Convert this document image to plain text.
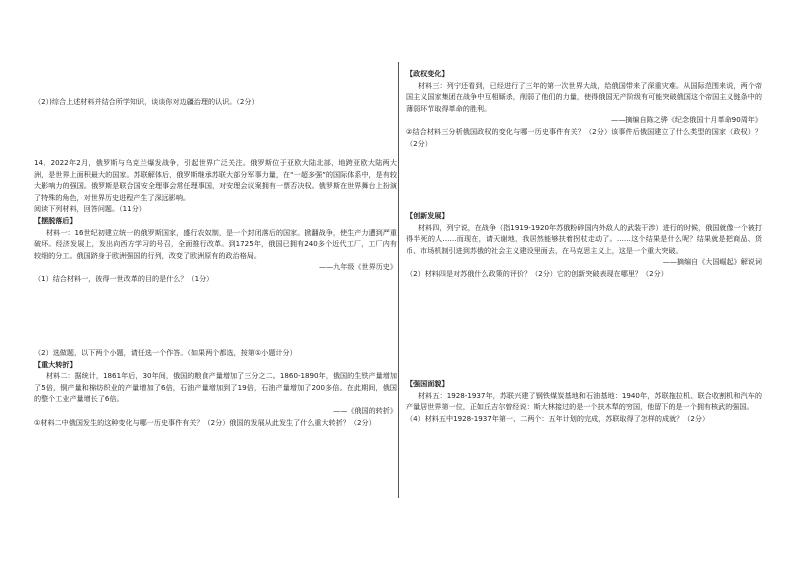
（2）)综合上述材料并结合所学知识，谈谈你对边疆治理的认识。（2分）

14．2022年2月，俄罗斯与乌克兰爆发战争，引起世界广泛关注。俄罗斯位于亚欧大陆北部，地跨亚欧大陆两大洲，是世界上面积最大的国家。苏联解体后，俄罗斯继承苏联大部分军事力量，在“一超多强”的国际体系中，是有较大影响力的强国。俄罗斯是联合国安全理事会常任理事国，对安理会议案拥有一票否决权。俄罗斯在世界舞台上扮演了特殊的角色，对世界历史进程产生了深远影响。

阅读下列材料，回答问题。（11分）

【摆脱落后】

材料一：16世纪初建立统一的俄罗斯国家，盛行农奴制，是一个封闭落后的国家。掀翻战争，使生产力遭到严重破坏。经济发展上，发出向西方学习的号召，全面推行改革。到1725年，俄国已拥有240多个近代工厂，工厂内有较细的分工。俄国跻身于欧洲强国的行列，改变了欧洲原有的政治格局。

——九年级《世界历史》

（1）结合材料一，彼得一世改革的目的是什么？（1分）

（2）选做题，以下两个小题，请任选一个作答。（如果两个都选，按第①小题计分）

【重大转折】

材料二：据统计，1861年后，30年间，俄国的粮食产量增加了三分之二。1860-1890年，俄国的生铁产量增加了5倍，铜产量和棉纺织业的产量增加了6倍，石油产量增加到了19倍，石油产量增加了200多倍。在此期间，俄国的整个工业产量增长了6倍。

——《俄国的转折》

①材料二中俄国发生的这种变化与哪一历史事件有关？（2分）俄国的发展从此发生了什么重大转折？（2分）

【政权变化】

材料三：列宁还看到，已经进行了三年的第一次世界大战，给俄国带来了深重灾难。从国际范围来说，两个帝国主义国家集团在战争中互相厮杀，削弱了他们的力量，使得俄国无产阶级有可能突破俄国这个帝国主义链条中的薄弱环节取得革命的胜利。

——摘编自陈之骅《纪念俄国十月革命90周年》

②结合材料三分析俄国政权的变化与哪一历史事件有关？（2分）该事件后俄国建立了什么类型的国家（政权）？（2分）

【创新发展】

材料四，列宁说，在战争（指1919-1920年苏俄粉碎国内外敌人的武装干涉）进行的时候，俄国就像一个被打得半死的人……而现在，请天谢地，我居然能够扶着拐杖走动了。……这个结果是什么呢？结果就是把商品、货币、市场机制引进到苏俄的社会主义建设里面去，在马克思主义上，这是一个重大突破。

——摘编自《大国崛起》解说词

（2）材料四是对苏俄什么政策的评价？（2分）它的创新突破表现在哪里？（2分）

【强国面貌】

材料五：1928-1937年，苏联兴建了钢铁煤炭基地和石油基地：1940年，苏联拖拉机、联合收割机和汽车的产量居世界第一位，正如丘吉尔曾经说：斯大林接过的是一个扶木犁的穷国，他留下的是一个拥有核武的强国。

（4）材料五中1928-1937年第一、二两个：五年计划的完成，苏联取得了怎样的成就？（2分）
